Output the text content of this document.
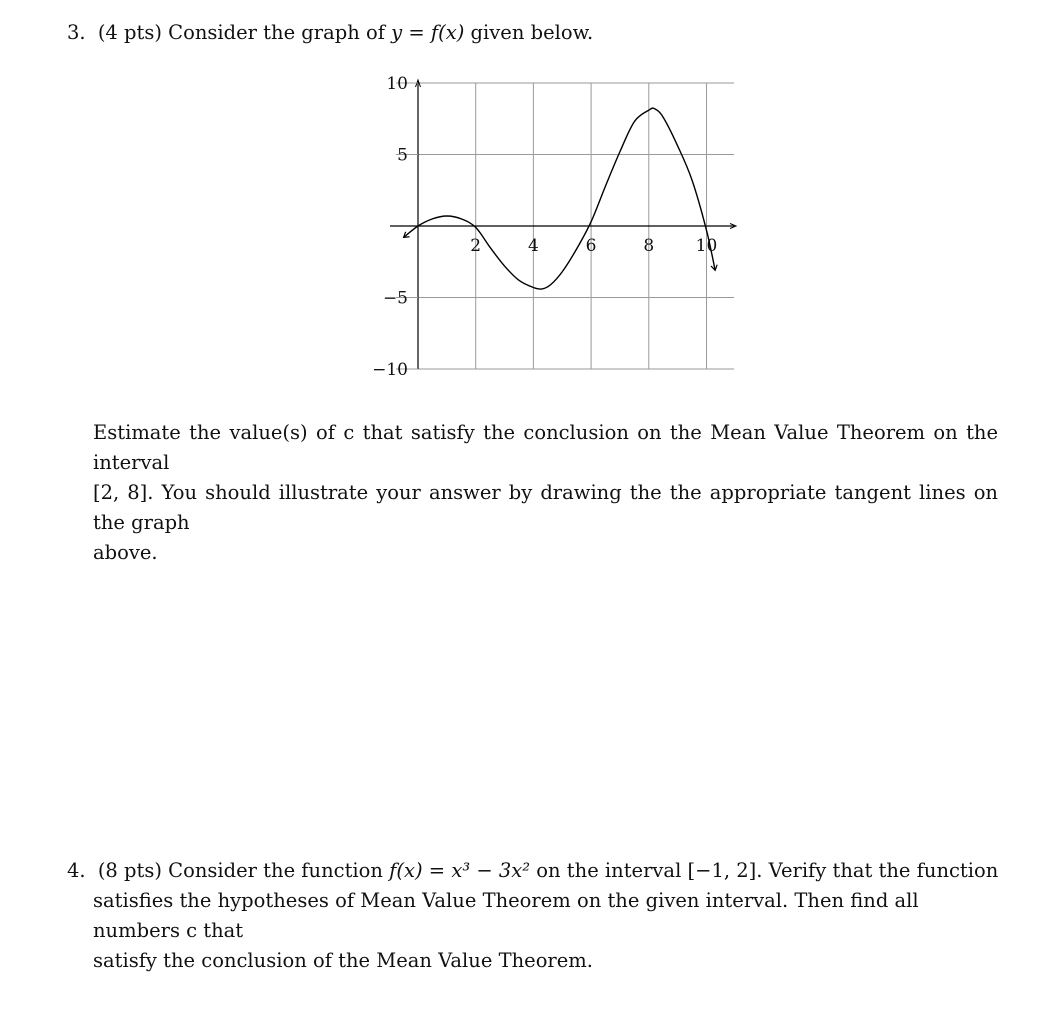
3. (4 pts) Consider the graph of y = f(x) given below.
2	4	6	8 10
10
5
−5
−10
Estimate the value(s) of c that satisfy the conclusion on the Mean Value Theorem on the interval
[2, 8]. You should illustrate your answer by drawing the the appropriate tangent lines on the graph
above.
4. (8 pts) Consider the function f(x) = x³ − 3x² on the interval [−1, 2]. Verify that the function
satisfies the hypotheses of Mean Value Theorem on the given interval. Then find all numbers c that
satisfy the conclusion of the Mean Value Theorem.
